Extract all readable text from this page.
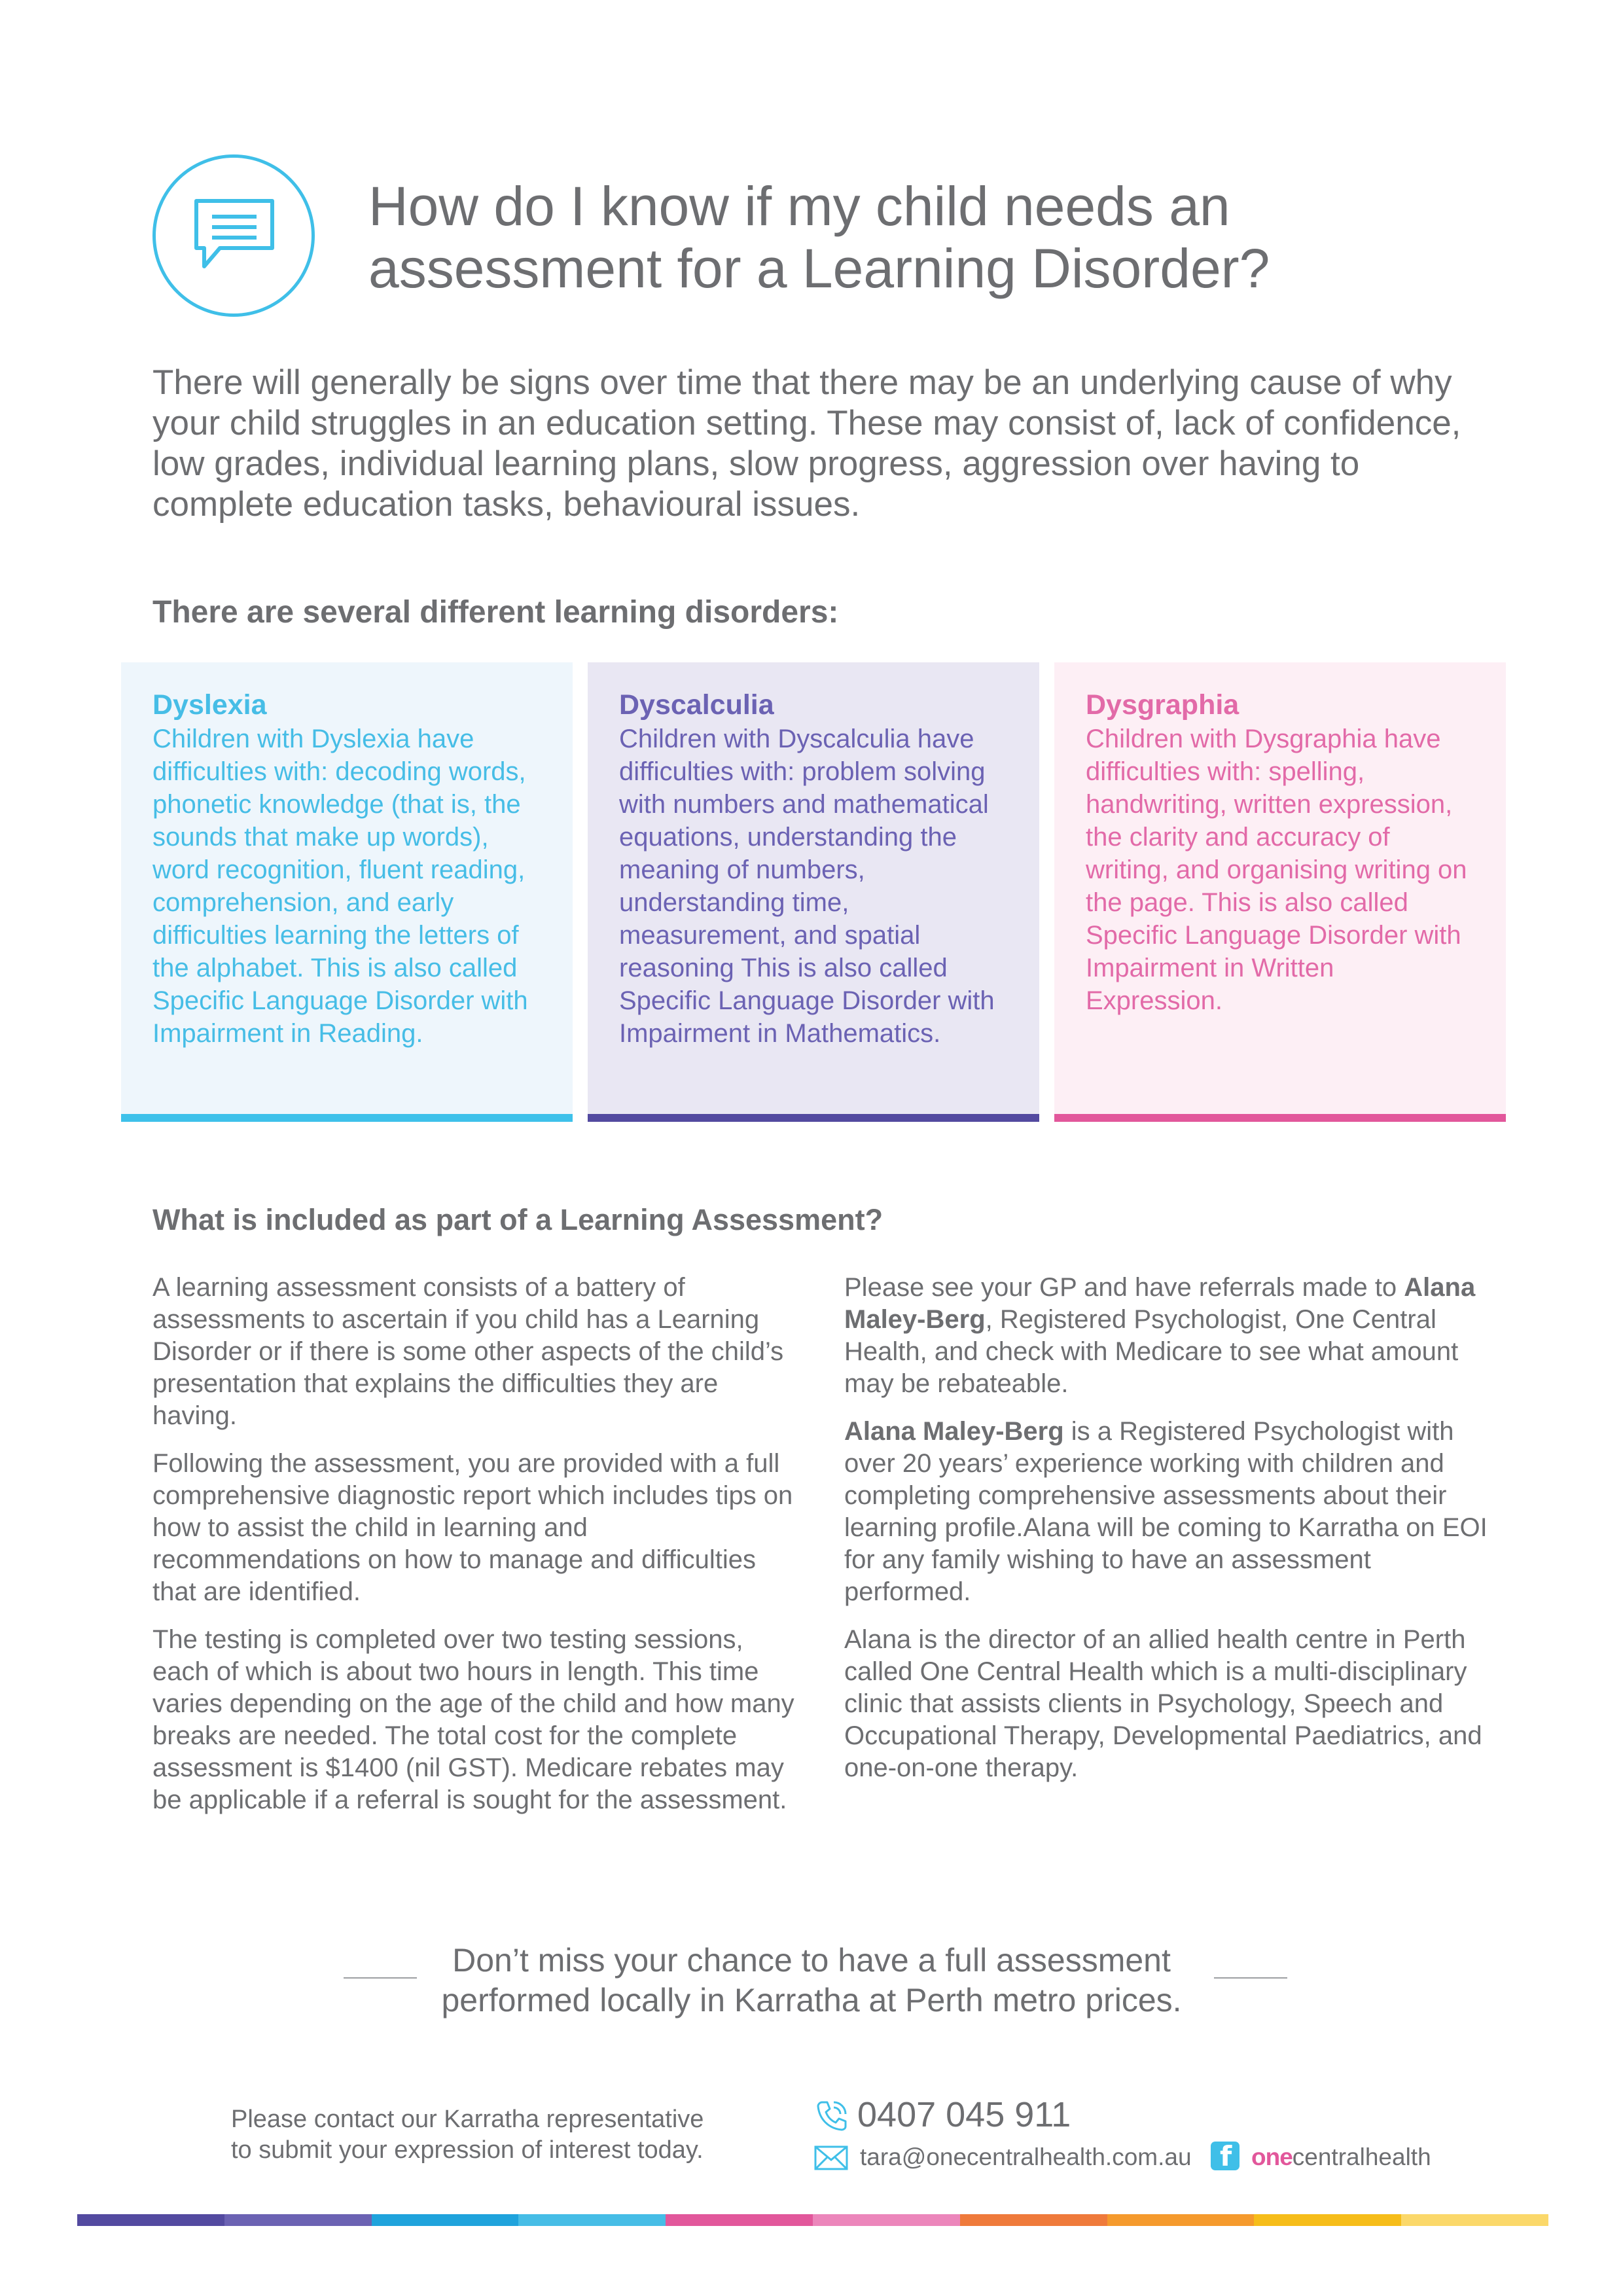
How do I know if my child needs an
assessment for a Learning Disorder?

There will generally be signs over time that there may be an underlying cause of why your child struggles in an education setting. These may consist of, lack of confidence, low grades, individual learning plans, slow progress, aggression over having to complete education tasks, behavioural issues.

There are several different learning disorders:
Dyslexia
Children with Dyslexia have difficulties with: decoding words, phonetic knowledge (that is, the sounds that make up words), word recognition, fluent reading, comprehension, and early difficulties learning the letters of the alphabet. This is also called Specific Language Disorder with Impairment in Reading.
Dyscalculia
Children with Dyscalculia have difficulties with: problem solving with numbers and mathematical equations, understanding the meaning of numbers, understanding time, measurement, and spatial reasoning This is also called Specific Language Disorder with Impairment in Mathematics.
Dysgraphia
Children with Dysgraphia have difficulties with: spelling, handwriting, written expression, the clarity and accuracy of writing, and organising writing on the page. This is also called Specific Language Disorder with Impairment in Written Expression.
What is included as part of a Learning Assessment?

A learning assessment consists of a battery of assessments to ascertain if you child has a Learning Disorder or if there is some other aspects of the child’s presentation that explains the difficulties they are having.

Following the assessment, you are provided with a full comprehensive diagnostic report which includes tips on how to assist the child in learning and recommendations on how to manage and difficulties that are identified.

The testing is completed over two testing sessions, each of which is about two hours in length. This time varies depending on the age of the child and how many breaks are needed. The total cost for the complete assessment is $1400 (nil GST). Medicare rebates may be applicable if a referral is sought for the assessment.

Please see your GP and have referrals made to Alana Maley-Berg, Registered Psychologist, One Central Health, and check with Medicare to see what amount may be rebateable.

Alana Maley-Berg is a Registered Psychologist with over 20 years’ experience working with children and completing comprehensive assessments about their learning profile.Alana will be coming to Karratha on EOI for any family wishing to have an assessment performed.

Alana is the director of an allied health centre in Perth called One Central Health which is a multi-disciplinary clinic that assists clients in Psychology, Speech and Occupational Therapy, Developmental Paediatrics, and one-on-one therapy.

Don’t miss your chance to have a full assessment
performed locally in Karratha at Perth metro prices.

Please contact our Karratha representative
to submit your expression of interest today.

0407 045 911
tara@onecentralhealth.com.au f onecentralhealth
